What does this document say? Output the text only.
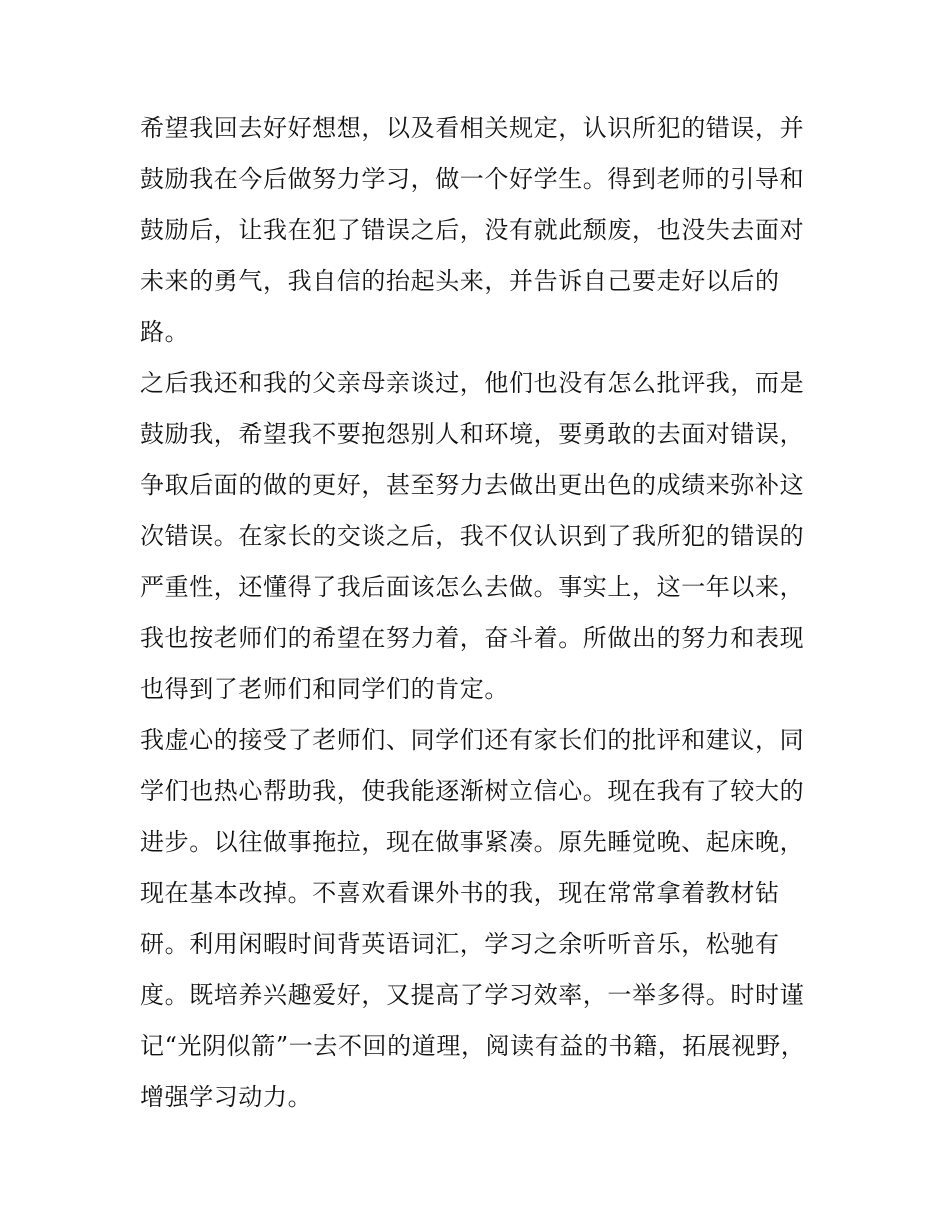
希望我回去好好想想，以及看相关规定，认识所犯的错误，并
鼓励我在今后做努力学习，做一个好学生。得到老师的引导和
鼓励后，让我在犯了错误之后，没有就此颓废，也没失去面对
未来的勇气，我自信的抬起头来，并告诉自己要走好以后的
路。
之后我还和我的父亲母亲谈过，他们也没有怎么批评我，而是
鼓励我，希望我不要抱怨别人和环境，要勇敢的去面对错误，
争取后面的做的更好，甚至努力去做出更出色的成绩来弥补这
次错误。在家长的交谈之后，我不仅认识到了我所犯的错误的
严重性，还懂得了我后面该怎么去做。事实上，这一年以来，
我也按老师们的希望在努力着，奋斗着。所做出的努力和表现
也得到了老师们和同学们的肯定。
我虚心的接受了老师们、同学们还有家长们的批评和建议，同
学们也热心帮助我，使我能逐渐树立信心。现在我有了较大的
进步。以往做事拖拉，现在做事紧凑。原先睡觉晚、起床晚，
现在基本改掉。不喜欢看课外书的我，现在常常拿着教材钻
研。利用闲暇时间背英语词汇，学习之余听听音乐，松驰有
度。既培养兴趣爱好，又提高了学习效率，一举多得。时时谨
记“光阴似箭”一去不回的道理，阅读有益的书籍，拓展视野，
增强学习动力。
